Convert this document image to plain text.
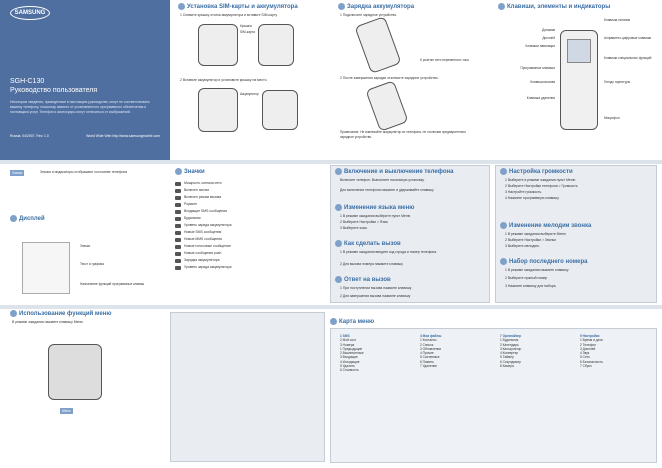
SAMSUNG
SGH-C130
Руководство пользователя
Некоторые сведения, приведенные в настоящем руководстве, могут не соответствовать вашему телефону, поскольку зависят от установленного программного обеспечения и поставщика услуг. Телефон и аксессуары могут отличаться от изображений.
Russia. 04/2007. Rev. 1.0	World Wide Web http://www.samsungmobile.com
Установка SIM-карты и аккумулятора
1 Снимите крышку отсека аккумулятора и вставьте SIM-карту.
Крышка
SIM-карта
2 Вставьте аккумулятор и установите крышку на место.
Аккумулятор
Зарядка аккумулятора
1 Подключите зарядное устройство.
К розетке сети переменного тока
2 После завершения зарядки отключите зарядное устройство.
Примечание. Не извлекайте аккумулятор из телефона, не отключив предварительно зарядное устройство.
Клавиши, элементы и индикаторы
Динамик
Дисплей
Клавиши навигации
Программные клавиши
Клавиша вызова
Клавиша удаления
Клавиша питания
Алфавитно-цифровые клавиши
Клавиши специальных функций
Гнездо гарнитуры
Микрофон
Значки	Значки и индикаторы отображают состояние телефона
Дисплей
Значки
Текст и графика
Назначение функций программных клавиш
Значки
Мощность сигнала сети
Включен сигнал
Включен режим вызова
Роуминг
Входящие SMS сообщения
Будильник
Уровень заряда аккумулятора
Новые SMS сообщения
Новые MMS сообщения
Новые голосовые сообщения
Новые сообщения push
Зарядка аккумулятора
Уровень заряда аккумулятора
Включение и выключение телефона
Включите телефон. Выполните начальную установку.
Для включения телефона нажмите и удерживайте клавишу
Изменение языка меню
1 В режиме ожидания выберите пункт Меню
2 Выберите Настройки > Язык
3 Выберите язык.
Как сделать вызов
1 В режиме ожидания введите код города и номер телефона.
2 Для вызова номера нажмите клавишу
Ответ на вызов
1 При поступлении вызова нажмите клавишу
2 Для завершения вызова нажмите клавишу
Настройка громкости
1 Выберите в режиме ожидания пункт Меню
2 Выберите Настройки телефона > Громкость
3 Настройте громкость.
4 Нажмите программную клавишу.
Изменение мелодии звонка
1 В режиме ожидания выберите Меню
2 Выберите Настройки > Звонки
3 Выберите мелодию.
Набор последнего номера
1 В режиме ожидания нажмите клавишу
2 Выберите нужный номер
3 Нажмите клавишу для набора.
Использование функций меню
В режиме ожидания нажмите клавишу Меню
Меню
Карта меню
1 SMS
2 Мой сост
3 Номера
1 Предыдущие
2 Выключенные
3 Входящие
4 Исходящие
5 Удалить
6 Стоимость
4 Мои файлы
1 Контакты
2 Список
3 Обновления
4 Прочие
5 Системные
6 Память
7 Удаление
7 Органайзер
1 Будильник
2 Календарь
3 Калькулятор
4 Конвертер
5 Таймер
6 Секундомер
8 Камера
9 Настройки
1 Время и дата
2 Телефон
3 Дисплей
4 Звук
5 Сеть
6 Безопасность
7 Сброс
